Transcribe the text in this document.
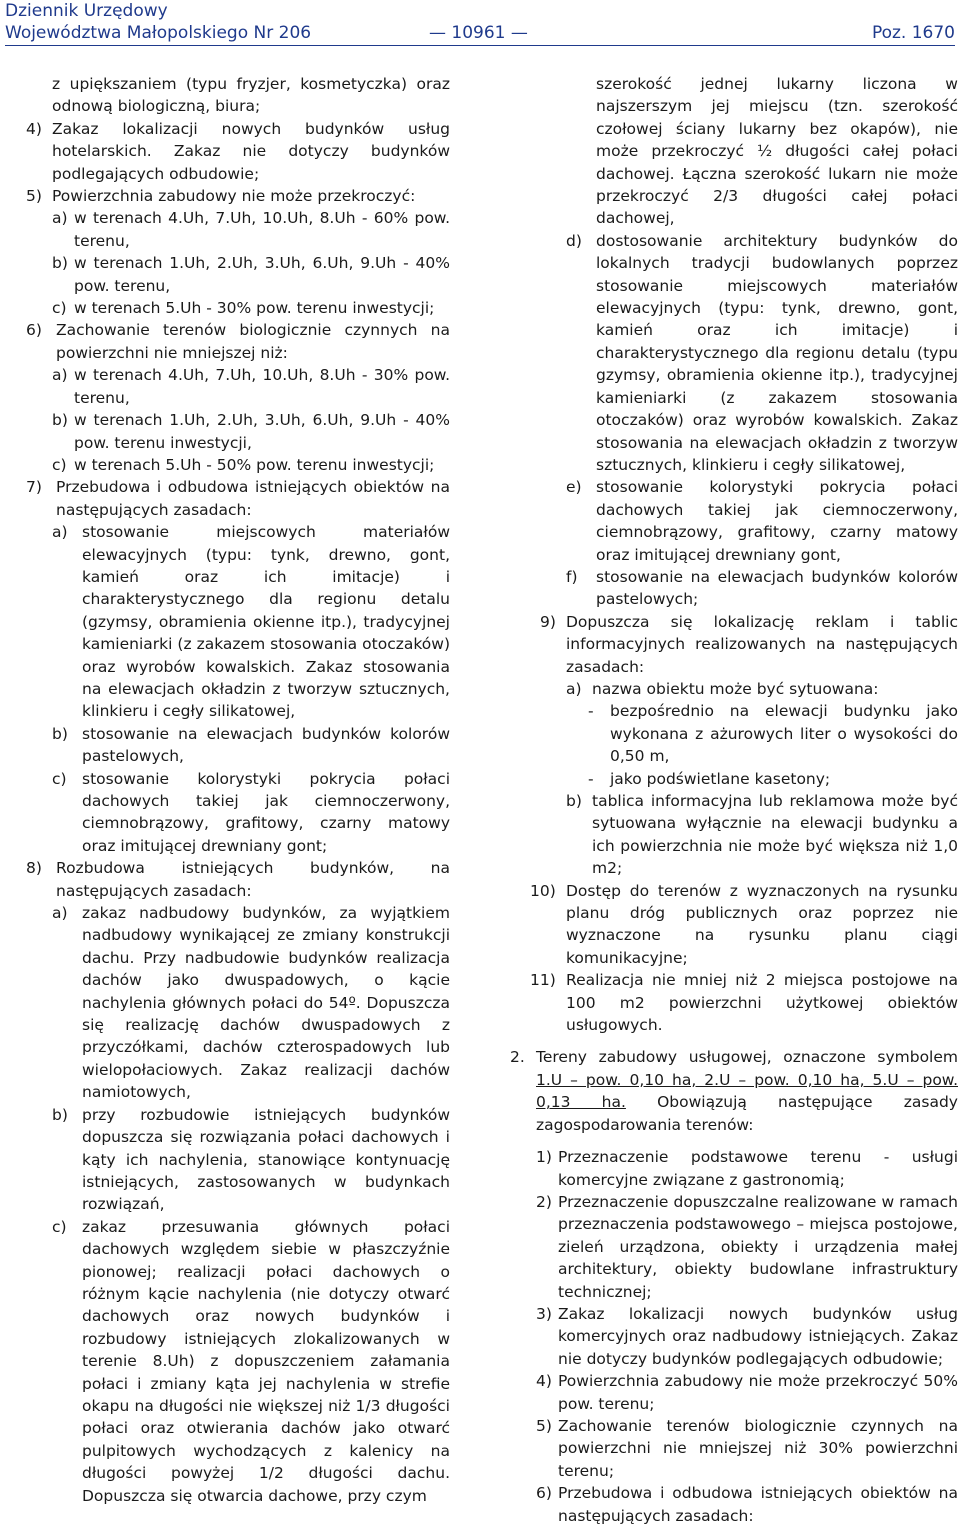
Dziennik Urzędowy
Województwa Małopolskiego Nr 206	— 10961 —	Poz. 1670

z upiększaniem (typu fryzjer, kosmetyczka) oraz odnową biologiczną, biura;

4) Zakaz lokalizacji nowych budynków usług hotelarskich. Zakaz nie dotyczy budynków podlegających odbudowie;

5) Powierzchnia zabudowy nie może przekroczyć:

a) w terenach 4.Uh, 7.Uh, 10.Uh, 8.Uh - 60% pow. terenu,

b) w terenach 1.Uh, 2.Uh, 3.Uh, 6.Uh, 9.Uh - 40% pow. terenu,

c) w terenach 5.Uh - 30% pow. terenu inwestycji;

6) Zachowanie terenów biologicznie czynnych na powierzchni nie mniejszej niż:

a) w terenach 4.Uh, 7.Uh, 10.Uh, 8.Uh - 30% pow. terenu,

b) w terenach 1.Uh, 2.Uh, 3.Uh, 6.Uh, 9.Uh - 40% pow. terenu inwestycji,

c) w terenach 5.Uh - 50% pow. terenu inwestycji;

7) Przebudowa i odbudowa istniejących obiektów na następujących zasadach:

a) stosowanie miejscowych materiałów elewacyjnych (typu: tynk, drewno, gont, kamień oraz ich imitacje) i charakterystycznego dla regionu detalu (gzymsy, obramienia okienne itp.), tradycyjnej kamieniarki (z zakazem stosowania otoczaków) oraz wyrobów kowalskich. Zakaz stosowania na elewacjach okładzin z tworzyw sztucznych, klinkieru i cegły silikatowej,

b) stosowanie na elewacjach budynków kolorów pastelowych,

c) stosowanie kolorystyki pokrycia połaci dachowych takiej jak ciemnoczerwony, ciemnobrązowy, grafitowy, czarny matowy oraz imitującej drewniany gont;

8) Rozbudowa istniejących budynków, na następujących zasadach:

a) zakaz nadbudowy budynków, za wyjątkiem nadbudowy wynikającej ze zmiany konstrukcji dachu. Przy nadbudowie budynków realizacja dachów jako dwuspadowych, o kącie nachylenia głównych połaci do 54º. Dopuszcza się realizację dachów dwuspadowych z przyczółkami, dachów czterospadowych lub wielopołaciowych. Zakaz realizacji dachów namiotowych,

b) przy rozbudowie istniejących budynków dopuszcza się rozwiązania połaci dachowych i kąty ich nachylenia, stanowiące kontynuację istniejących, zastosowanych w budynkach rozwiązań,

c) zakaz przesuwania głównych połaci dachowych względem siebie w płaszczyźnie pionowej; realizacji połaci dachowych o różnym kącie nachylenia (nie dotyczy otwarć dachowych oraz nowych budynków i rozbudowy istniejących zlokalizowanych w terenie 8.Uh) z dopuszczeniem załamania połaci i zmiany kąta jej nachylenia w strefie okapu na długości nie większej niż 1/3 długości połaci oraz otwierania dachów jako otwarć pulpitowych wychodzących z kalenicy na długości powyżej 1/2 długości dachu. Dopuszcza się otwarcia dachowe, przy czym

szerokość jednej lukarny liczona w najszerszym jej miejscu (tzn. szerokość czołowej ściany lukarny bez okapów), nie może przekroczyć ½ długości całej połaci dachowej. Łączna szerokość lukarn nie może przekroczyć 2/3 długości całej połaci dachowej,

d) dostosowanie architektury budynków do lokalnych tradycji budowlanych poprzez stosowanie miejscowych materiałów elewacyjnych (typu: tynk, drewno, gont, kamień oraz ich imitacje) i charakterystycznego dla regionu detalu (typu gzymsy, obramienia okienne itp.), tradycyjnej kamieniarki (z zakazem stosowania otoczaków) oraz wyrobów kowalskich. Zakaz stosowania na elewacjach okładzin z tworzyw sztucznych, klinkieru i cegły silikatowej,

e) stosowanie kolorystyki pokrycia połaci dachowych takiej jak ciemnoczerwony, ciemnobrązowy, grafitowy, czarny matowy oraz imitującej drewniany gont,

f) stosowanie na elewacjach budynków kolorów pastelowych;

9) Dopuszcza się lokalizację reklam i tablic informacyjnych realizowanych na następujących zasadach:

a) nazwa obiektu może być sytuowana:

- bezpośrednio na elewacji budynku jako wykonana z ażurowych liter o wysokości do 0,50 m,

- jako podświetlane kasetony;

b) tablica informacyjna lub reklamowa może być sytuowana wyłącznie na elewacji budynku a ich powierzchnia nie może być większa niż 1,0 m2;

10) Dostęp do terenów z wyznaczonych na rysunku planu dróg publicznych oraz poprzez nie wyznaczone na rysunku planu ciągi komunikacyjne;

11) Realizacja nie mniej niż 2 miejsca postojowe na 100 m2 powierzchni użytkowej obiektów usługowych.

2. Tereny zabudowy usługowej, oznaczone symbolem 1.U – pow. 0,10 ha, 2.U – pow. 0,10 ha, 5.U – pow. 0,13 ha. Obowiązują następujące zasady zagospodarowania terenów:

1) Przeznaczenie podstawowe terenu - usługi komercyjne związane z gastronomią;

2) Przeznaczenie dopuszczalne realizowane w ramach przeznaczenia podstawowego – miejsca postojowe, zieleń urządzona, obiekty i urządzenia małej architektury, obiekty budowlane infrastruktury technicznej;

3) Zakaz lokalizacji nowych budynków usług komercyjnych oraz nadbudowy istniejących. Zakaz nie dotyczy budynków podlegających odbudowie;

4) Powierzchnia zabudowy nie może przekroczyć 50% pow. terenu;

5) Zachowanie terenów biologicznie czynnych na powierzchni nie mniejszej niż 30% powierzchni terenu;

6) Przebudowa i odbudowa istniejących obiektów na następujących zasadach:
